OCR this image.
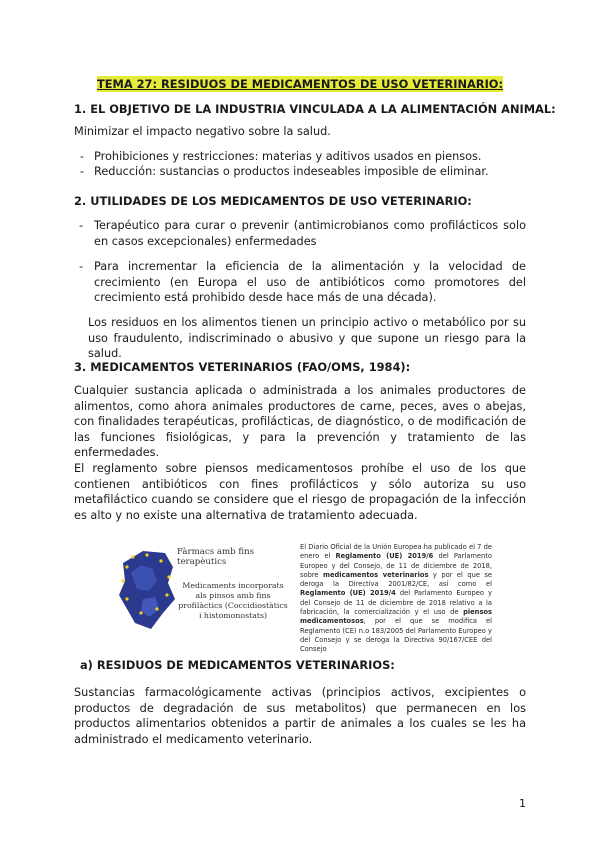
TEMA 27: RESIDUOS DE MEDICAMENTOS DE USO VETERINARIO:
1. EL OBJETIVO DE LA INDUSTRIA VINCULADA A LA ALIMENTACIÓN ANIMAL:
Minimizar el impacto negativo sobre la salud.
- Prohibiciones y restricciones: materias y aditivos usados en piensos.
- Reducción: sustancias o productos indeseables imposible de eliminar.
2. UTILIDADES DE LOS MEDICAMENTOS DE USO VETERINARIO:
- Terapéutico para curar o prevenir (antimicrobianos como profilácticos solo en casos excepcionales) enfermedades
- Para incrementar la eficiencia de la alimentación y la velocidad de crecimiento (en Europa el uso de antibióticos como promotores del crecimiento está prohibido desde hace más de una década).
Los residuos en los alimentos tienen un principio activo o metabólico por su uso fraudulento, indiscriminado o abusivo y que supone un riesgo para la salud.
3. MEDICAMENTOS VETERINARIOS (FAO/OMS, 1984):
Cualquier sustancia aplicada o administrada a los animales productores de alimentos, como ahora animales productores de carne, peces, aves o abejas, con finalidades terapéuticas, profilácticas, de diagnóstico, o de modificación de las funciones fisiológicas, y para la prevención y tratamiento de las enfermedades.
El reglamento sobre piensos medicamentosos prohíbe el uso de los que contienen antibióticos con fines profilácticos y sólo autoriza su uso metafiláctico cuando se considere que el riesgo de propagación de la infección es alto y no existe una alternativa de tratamiento adecuada.
Fàrmacs amb fins terapèutics
Medicaments incorporats als pinsos amb fins profilàctics (Coccidiostàtics i histomonostats)
El Diario Oficial de la Unión Europea ha publicado el 7 de enero el Reglamento (UE) 2019/6 del Parlamento Europeo y del Consejo, de 11 de diciembre de 2018, sobre medicamentos veterinarios y por el que se deroga la Directiva 2001/82/CE, así como el Reglamento (UE) 2019/4 del Parlamento Europeo y del Consejo de 11 de diciembre de 2018 relativo a la fabricación, la comercialización y el uso de piensos medicamentosos, por el que se modifica el Reglamento (CE) n.o 183/2005 del Parlamento Europeo y del Consejo y se deroga la Directiva 90/167/CEE del Consejo
a) RESIDUOS DE MEDICAMENTOS VETERINARIOS:
Sustancias farmacológicamente activas (principios activos, excipientes o productos de degradación de sus metabolitos) que permanecen en los productos alimentarios obtenidos a partir de animales a los cuales se les ha administrado el medicamento veterinario.
1
